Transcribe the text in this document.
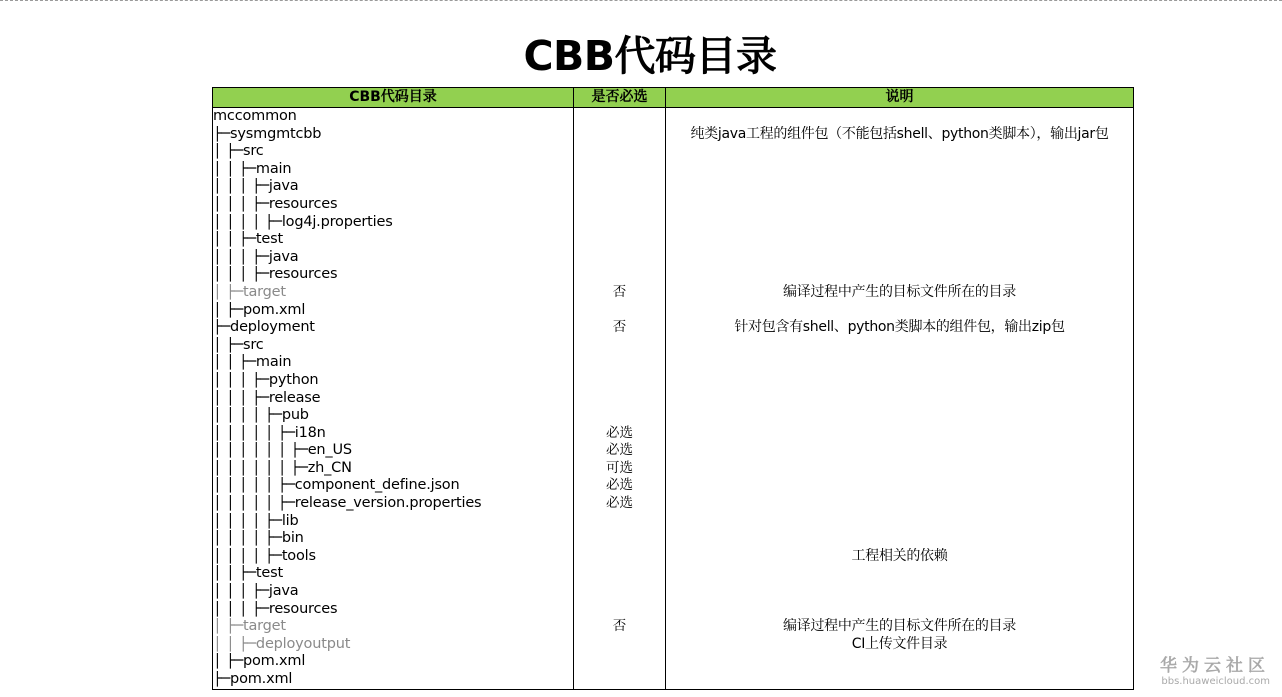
CBB代码目录
CBB代码目录	是否必选	说明
mccommon		
├─sysmgmtcbb		纯类java工程的组件包（不能包括shell、python类脚本），输出jar包
│ ├─src		
│ │ ├─main		
│ │ │ ├─java		
│ │ │ ├─resources		
│ │ │ │ ├─log4j.properties		
│ │ ├─test		
│ │ │ ├─java		
│ │ │ ├─resources		
│ ├─target	否	编译过程中产生的目标文件所在的目录
│ ├─pom.xml		
├─deployment	否	针对包含有shell、python类脚本的组件包，输出zip包
│ ├─src		
│ │ ├─main		
│ │ │ ├─python		
│ │ │ ├─release		
│ │ │ │ ├─pub		
│ │ │ │ │ ├─i18n	必选	
│ │ │ │ │ │ ├─en_US	必选	
│ │ │ │ │ │ ├─zh_CN	可选	
│ │ │ │ │ ├─component_define.json	必选	
│ │ │ │ │ ├─release_version.properties	必选	
│ │ │ │ ├─lib		
│ │ │ │ ├─bin		
│ │ │ │ ├─tools		工程相关的依赖
│ │ ├─test		
│ │ │ ├─java		
│ │ │ ├─resources		
│ ├─target	否	编译过程中产生的目标文件所在的目录
│ │ ├─deployoutput		CI上传文件目录
│ ├─pom.xml		
├─pom.xml		
华为云社区
bbs.huaweicloud.com
